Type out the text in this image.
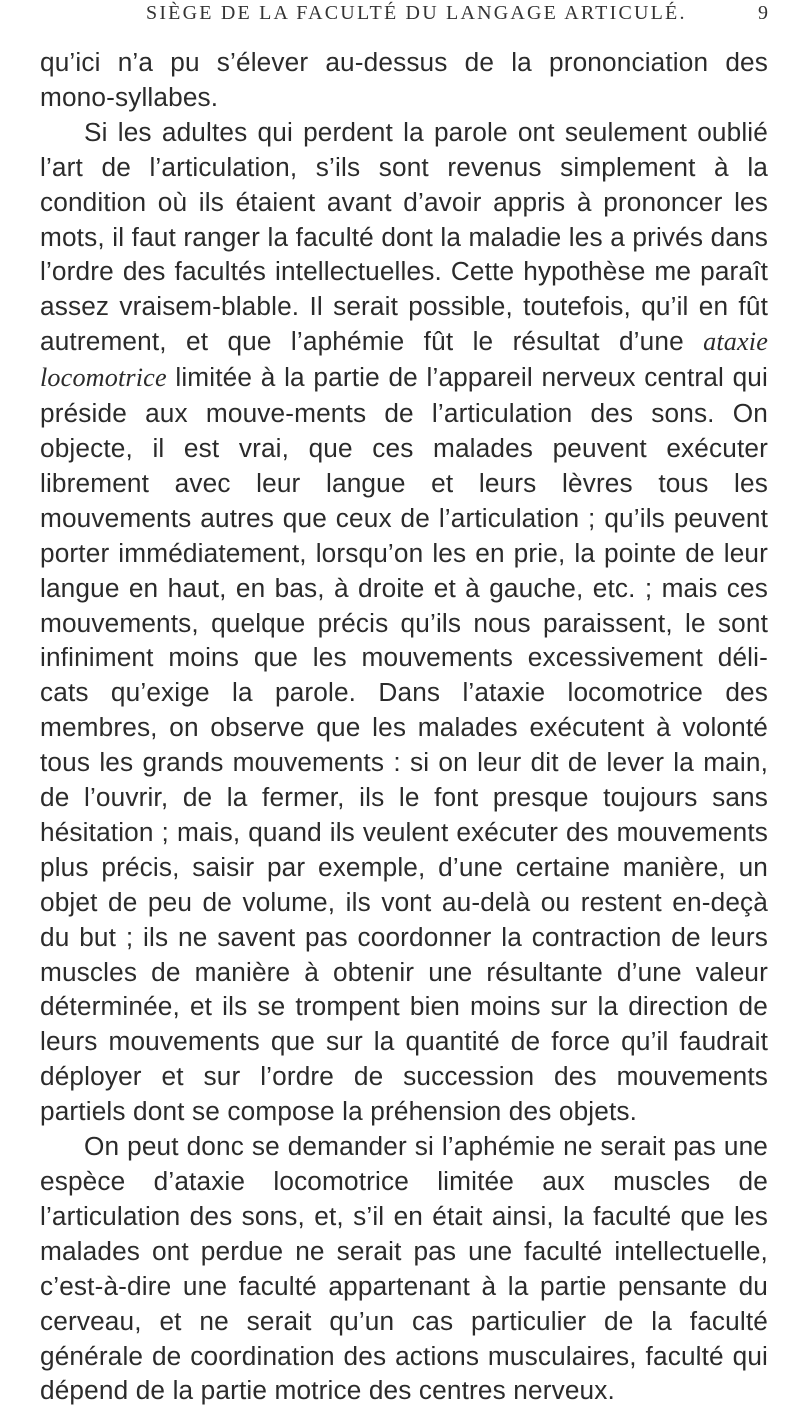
SIÈGE DE LA FACULTÉ DU LANGAGE ARTICULÉ.	9

qu’ici n’a pu s’élever au-dessus de la prononciation des mono-syllabes.

Si les adultes qui perdent la parole ont seulement oublié l’art de l’articulation, s’ils sont revenus simplement à la condition où ils étaient avant d’avoir appris à prononcer les mots, il faut ranger la faculté dont la maladie les a privés dans l’ordre des facultés intellectuelles. Cette hypothèse me paraît assez vraisem-blable. Il serait possible, toutefois, qu’il en fût autrement, et que l’aphémie fût le résultat d’une ataxie locomotrice limitée à la partie de l’appareil nerveux central qui préside aux mouve-ments de l’articulation des sons. On objecte, il est vrai, que ces malades peuvent exécuter librement avec leur langue et leurs lèvres tous les mouvements autres que ceux de l’articulation ; qu’ils peuvent porter immédiatement, lorsqu’on les en prie, la pointe de leur langue en haut, en bas, à droite et à gauche, etc. ; mais ces mouvements, quelque précis qu’ils nous paraissent, le sont infiniment moins que les mouvements excessivement déli-cats qu’exige la parole. Dans l’ataxie locomotrice des membres, on observe que les malades exécutent à volonté tous les grands mouvements : si on leur dit de lever la main, de l’ouvrir, de la fermer, ils le font presque toujours sans hésitation ; mais, quand ils veulent exécuter des mouvements plus précis, saisir par exemple, d’une certaine manière, un objet de peu de volume, ils vont au-delà ou restent en-deçà du but ; ils ne savent pas coordonner la contraction de leurs muscles de manière à obtenir une résultante d’une valeur déterminée, et ils se trompent bien moins sur la direction de leurs mouvements que sur la quantité de force qu’il faudrait déployer et sur l’ordre de succession des mouvements partiels dont se compose la préhension des objets.

On peut donc se demander si l’aphémie ne serait pas une espèce d’ataxie locomotrice limitée aux muscles de l’articulation des sons, et, s’il en était ainsi, la faculté que les malades ont perdue ne serait pas une faculté intellectuelle, c’est-à-dire une faculté appartenant à la partie pensante du cerveau, et ne serait qu’un cas particulier de la faculté générale de coordination des actions musculaires, faculté qui dépend de la partie motrice des centres nerveux.
